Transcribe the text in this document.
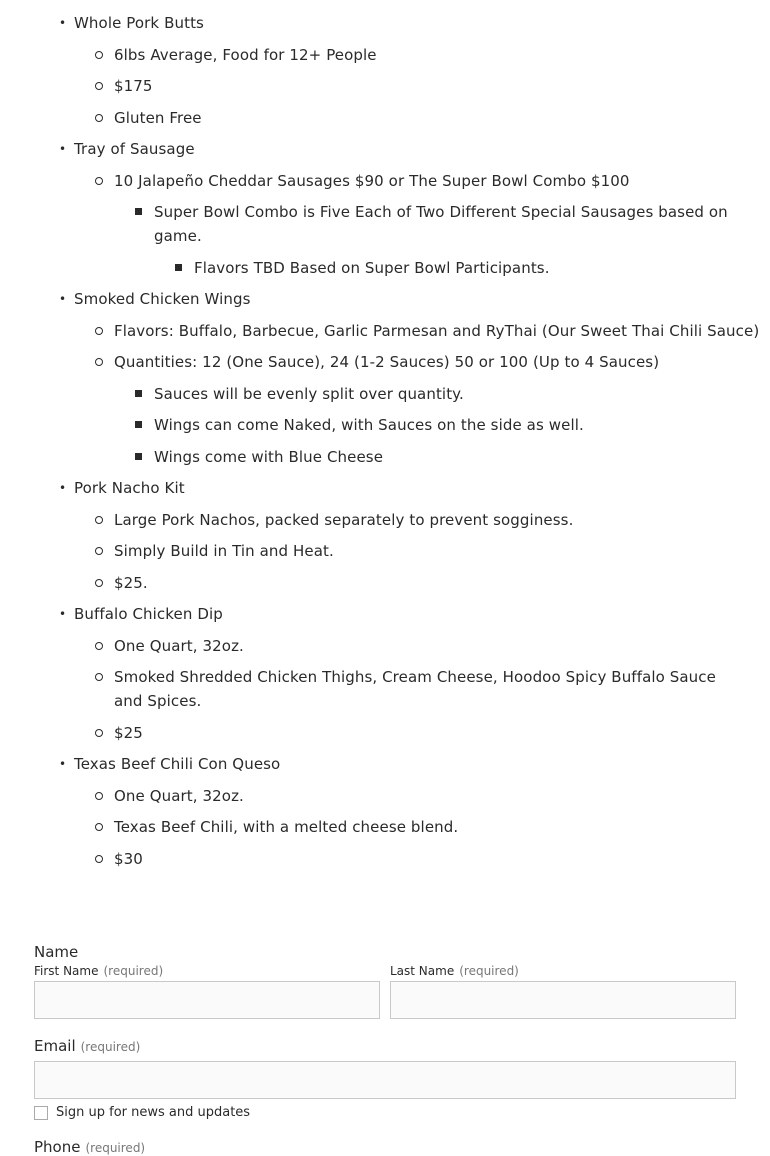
• Whole Pork Butts
6lbs Average, Food for 12+ People
$175
Gluten Free
• Tray of Sausage
10 Jalapeño Cheddar Sausages $90 or The Super Bowl Combo $100
Super Bowl Combo is Five Each of Two Different Special Sausages based on game.
Flavors TBD Based on Super Bowl Participants.
• Smoked Chicken Wings
Flavors: Buffalo, Barbecue, Garlic Parmesan and RyThai (Our Sweet Thai Chili Sauce)
Quantities: 12 (One Sauce), 24 (1-2 Sauces) 50 or 100 (Up to 4 Sauces)
Sauces will be evenly split over quantity.
Wings can come Naked, with Sauces on the side as well.
Wings come with Blue Cheese
• Pork Nacho Kit
Large Pork Nachos, packed separately to prevent sogginess.
Simply Build in Tin and Heat.
$25.
• Buffalo Chicken Dip
One Quart, 32oz.
Smoked Shredded Chicken Thighs, Cream Cheese, Hoodoo Spicy Buffalo Sauce and Spices.
$25
• Texas Beef Chili Con Queso
One Quart, 32oz.
Texas Beef Chili, with a melted cheese blend.
$30
Name
First Name (required)	Last Name (required)
Email (required)
Sign up for news and updates
Phone (required)
